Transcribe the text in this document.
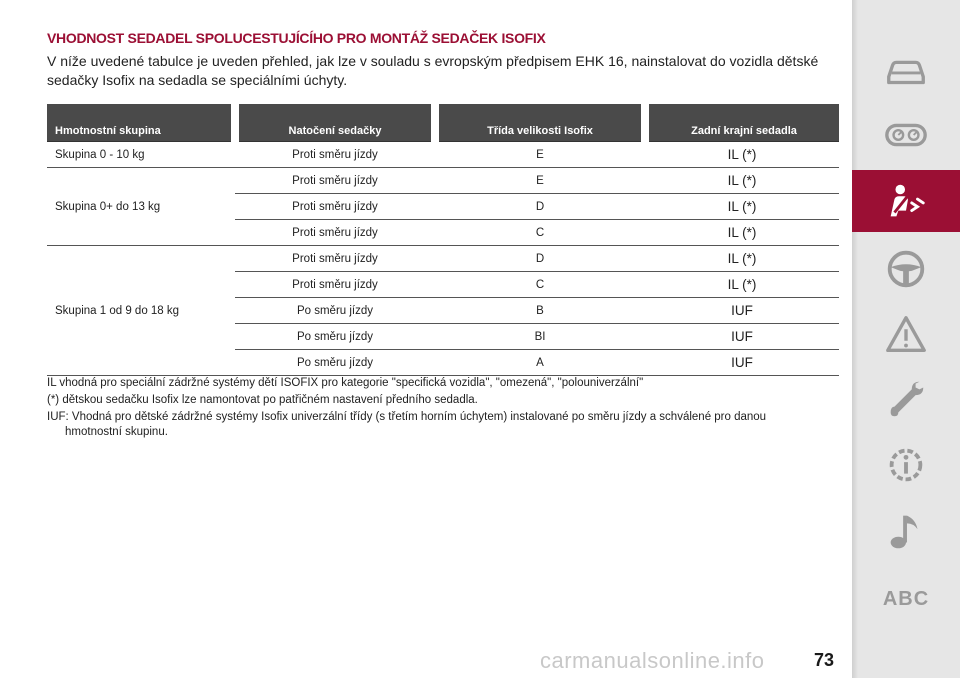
VHODNOST SEDADEL SPOLUCESTUJÍCÍHO PRO MONTÁŽ SEDAČEK ISOFIX

V níže uvedené tabulce je uveden přehled, jak lze v souladu s evropským předpisem EHK 16, nainstalovat do vozidla dětské sedačky Isofix na sedadla se speciálními úchyty.

Hmotnostní skupina	Natočení sedačky	Třída velikosti Isofix	Zadní krajní sedadla
Skupina 0 - 10 kg	Proti směru jízdy	E	IL (*)
Skupina 0+ do 13 kg	Proti směru jízdy	E	IL (*)
	Proti směru jízdy	D	IL (*)
	Proti směru jízdy	C	IL (*)
Skupina 1 od 9 do 18 kg	Proti směru jízdy	D	IL (*)
	Proti směru jízdy	C	IL (*)
	Po směru jízdy	B	IUF
	Po směru jízdy	BI	IUF
	Po směru jízdy	A	IUF

IL vhodná pro speciální zádržné systémy dětí ISOFIX pro kategorie "specifická vozidla", "omezená", "polouniverzální"

(*) dětskou sedačku Isofix lze namontovat po patřičném nastavení předního sedadla.

IUF: Vhodná pro dětské zádržné systémy Isofix univerzální třídy (s třetím horním úchytem) instalované po směru jízdy a schválené pro danou hmotnostní skupinu.

carmanualsonline.info	73
ABC
